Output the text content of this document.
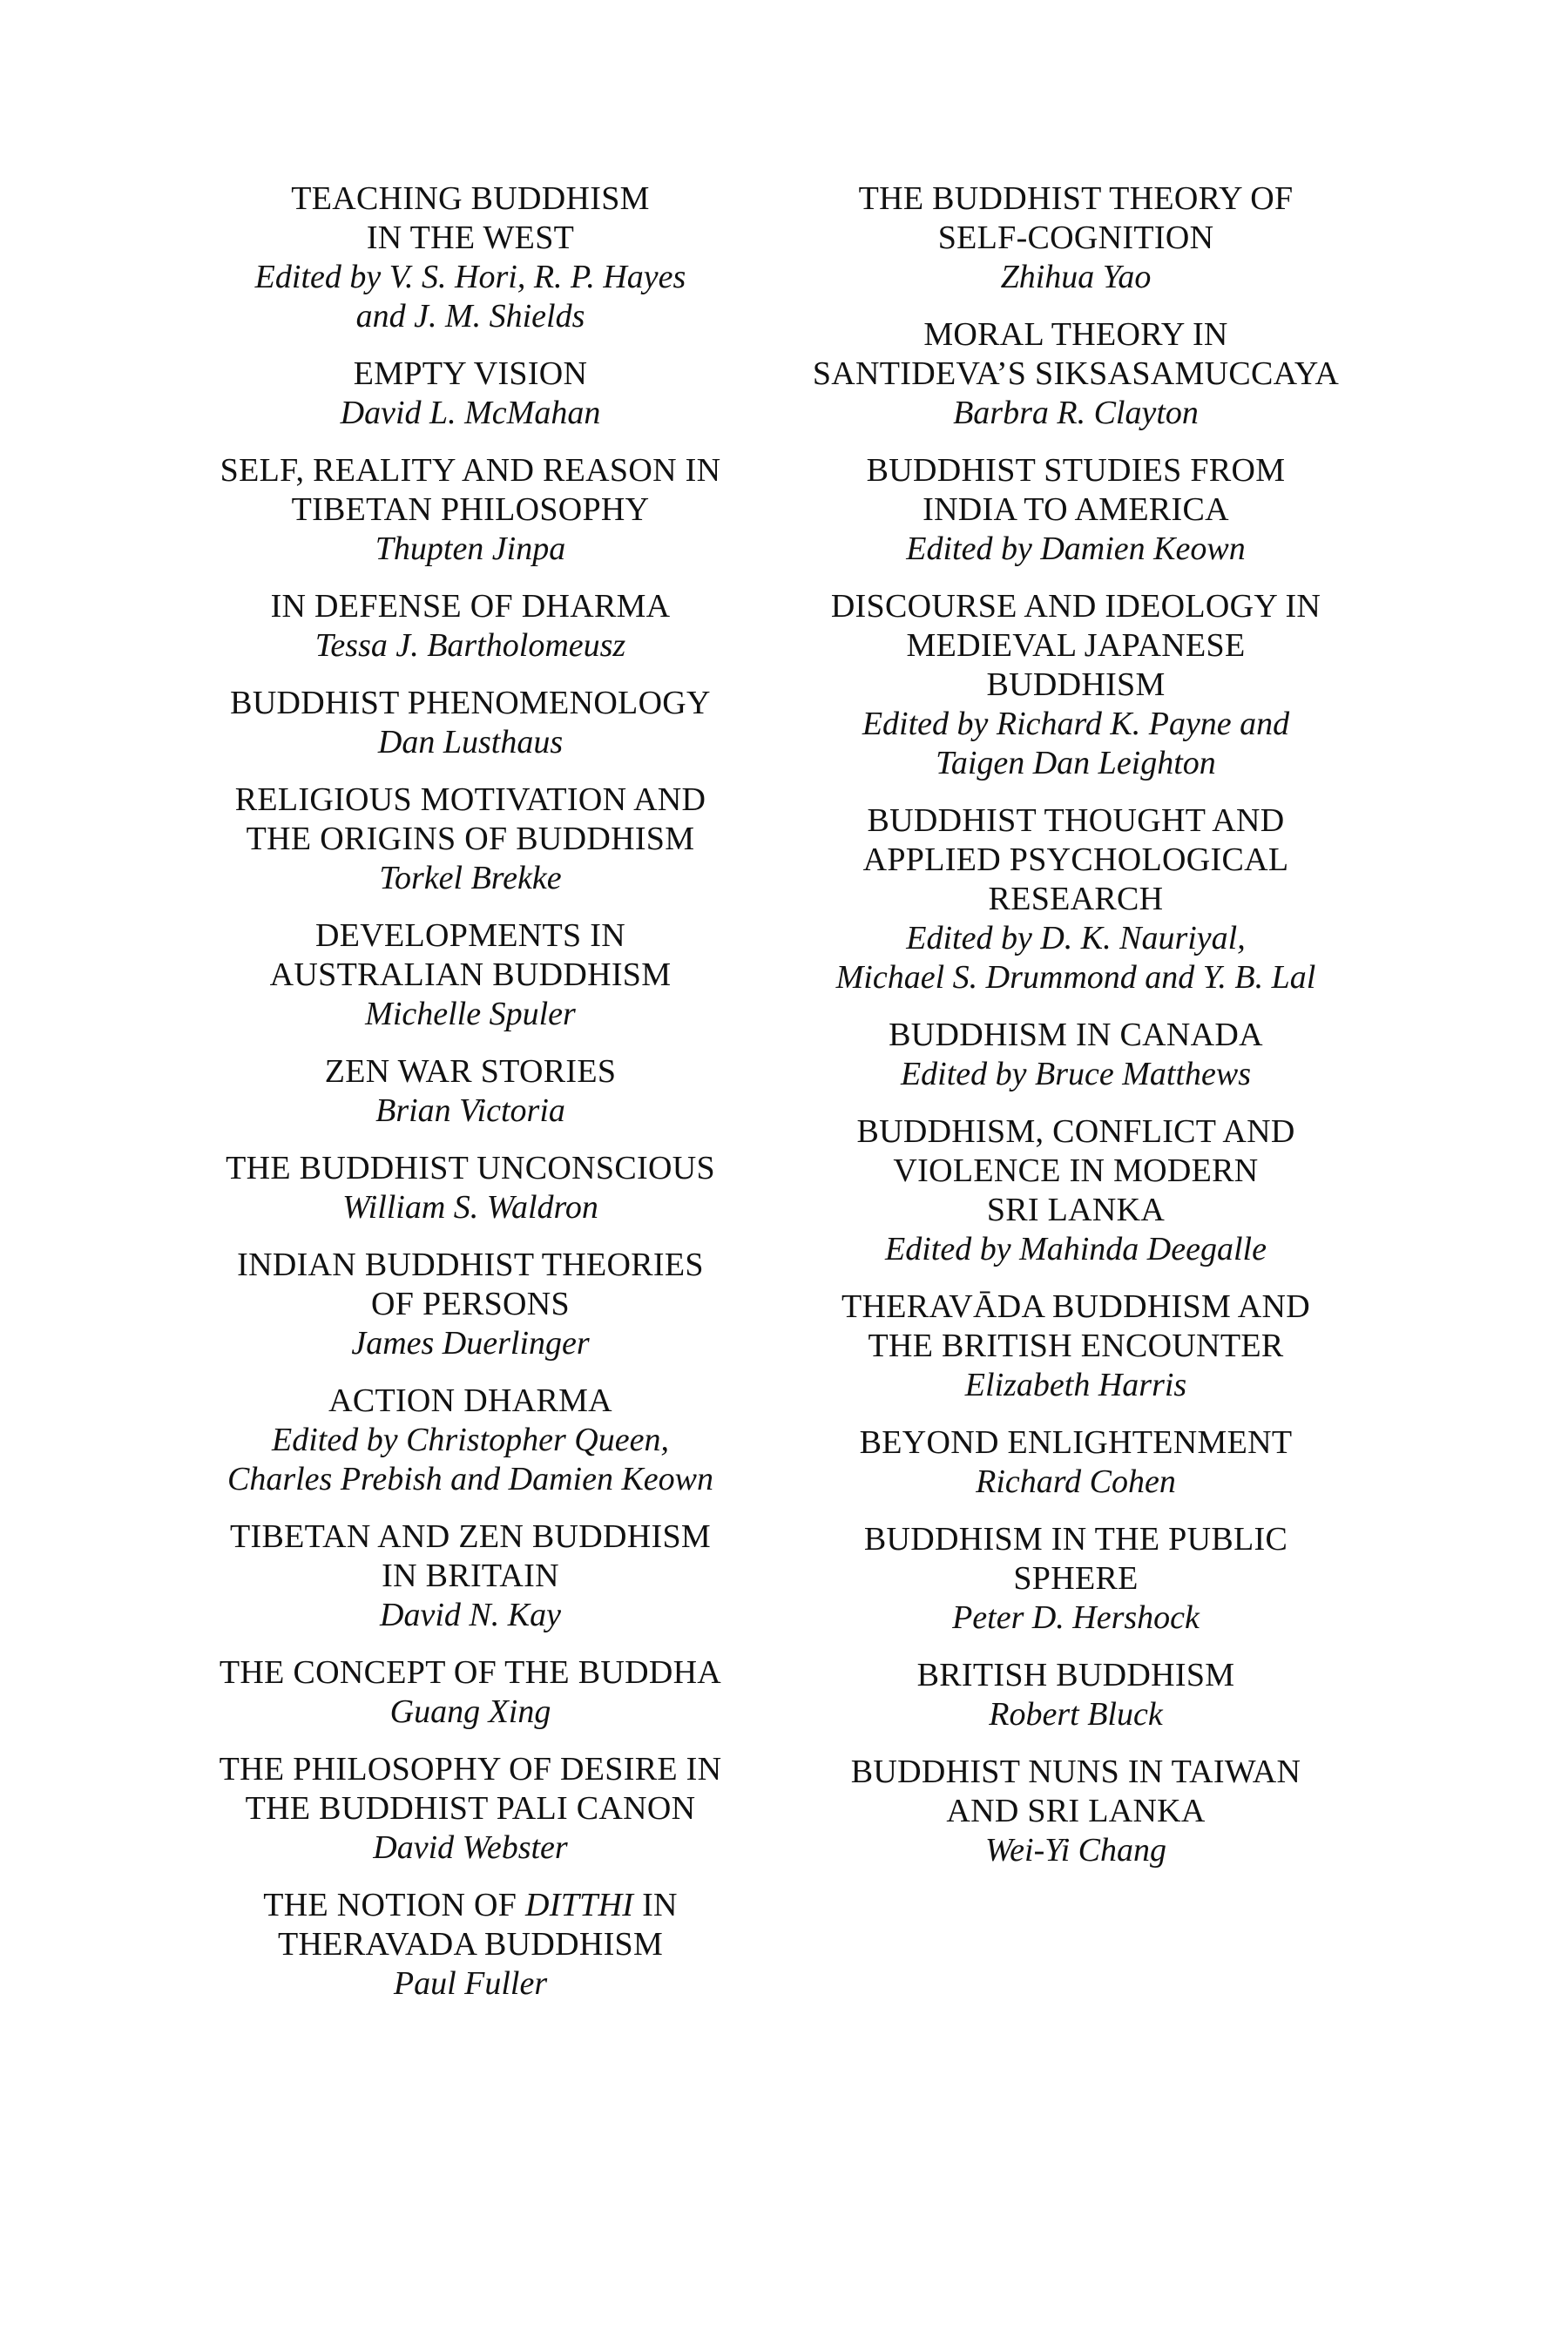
TEACHING BUDDHISM
IN THE WEST
Edited by V. S. Hori, R. P. Hayes
and J. M. Shields
EMPTY VISION
David L. McMahan
SELF, REALITY AND REASON IN
TIBETAN PHILOSOPHY
Thupten Jinpa
IN DEFENSE OF DHARMA
Tessa J. Bartholomeusz
BUDDHIST PHENOMENOLOGY
Dan Lusthaus
RELIGIOUS MOTIVATION AND
THE ORIGINS OF BUDDHISM
Torkel Brekke
DEVELOPMENTS IN
AUSTRALIAN BUDDHISM
Michelle Spuler
ZEN WAR STORIES
Brian Victoria
THE BUDDHIST UNCONSCIOUS
William S. Waldron
INDIAN BUDDHIST THEORIES
OF PERSONS
James Duerlinger
ACTION DHARMA
Edited by Christopher Queen,
Charles Prebish and Damien Keown
TIBETAN AND ZEN BUDDHISM
IN BRITAIN
David N. Kay
THE CONCEPT OF THE BUDDHA
Guang Xing
THE PHILOSOPHY OF DESIRE IN
THE BUDDHIST PALI CANON
David Webster
THE NOTION OF DITTHI IN
THERAVADA BUDDHISM
Paul Fuller
THE BUDDHIST THEORY OF
SELF-COGNITION
Zhihua Yao
MORAL THEORY IN
SANTIDEVA’S SIKSASAMUCCAYA
Barbra R. Clayton
BUDDHIST STUDIES FROM
INDIA TO AMERICA
Edited by Damien Keown
DISCOURSE AND IDEOLOGY IN
MEDIEVAL JAPANESE
BUDDHISM
Edited by Richard K. Payne and
Taigen Dan Leighton
BUDDHIST THOUGHT AND
APPLIED PSYCHOLOGICAL
RESEARCH
Edited by D. K. Nauriyal,
Michael S. Drummond and Y. B. Lal
BUDDHISM IN CANADA
Edited by Bruce Matthews
BUDDHISM, CONFLICT AND
VIOLENCE IN MODERN
SRI LANKA
Edited by Mahinda Deegalle
THERAVĀDA BUDDHISM AND
THE BRITISH ENCOUNTER
Elizabeth Harris
BEYOND ENLIGHTENMENT
Richard Cohen
BUDDHISM IN THE PUBLIC
SPHERE
Peter D. Hershock
BRITISH BUDDHISM
Robert Bluck
BUDDHIST NUNS IN TAIWAN
AND SRI LANKA
Wei-Yi Chang
